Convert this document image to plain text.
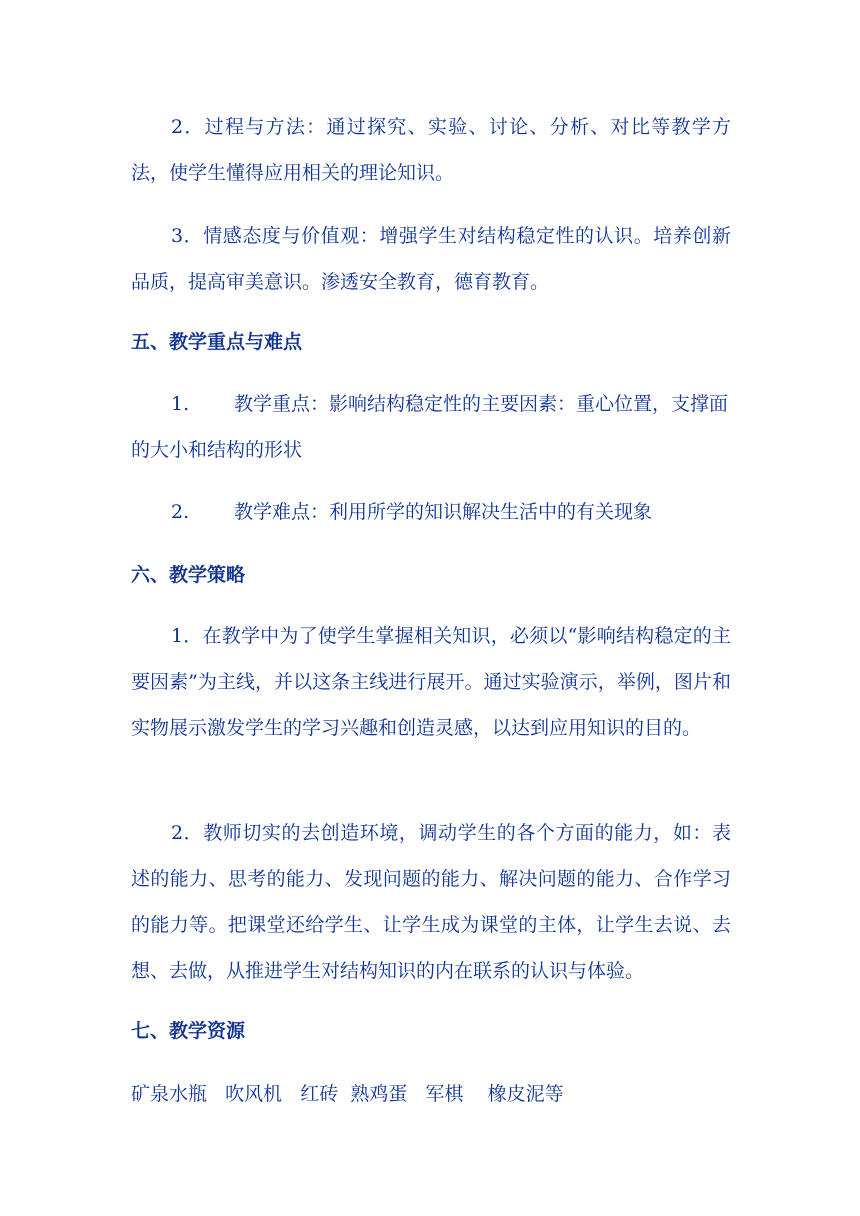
2．过程与方法：通过探究、实验、讨论、分析、对比等教学方法，使学生懂得应用相关的理论知识。

3．情感态度与价值观：增强学生对结构稳定性的认识。培养创新品质，提高审美意识。渗透安全教育，德育教育。

五、教学重点与难点

1. 教学重点：影响结构稳定性的主要因素：重心位置，支撑面的大小和结构的形状

2. 教学难点：利用所学的知识解决生活中的有关现象

六、教学策略

1．在教学中为了使学生掌握相关知识，必须以“影响结构稳定的主要因素”为主线，并以这条主线进行展开。通过实验演示，举例，图片和实物展示激发学生的学习兴趣和创造灵感，以达到应用知识的目的。

2．教师切实的去创造环境，调动学生的各个方面的能力，如：表述的能力、思考的能力、发现问题的能力、解决问题的能力、合作学习的能力等。把课堂还给学生、让学生成为课堂的主体，让学生去说、去想、去做，从推进学生对结构知识的内在联系的认识与体验。

七、教学资源

矿泉水瓶   吹风机   红砖  熟鸡蛋   军棋    橡皮泥等
